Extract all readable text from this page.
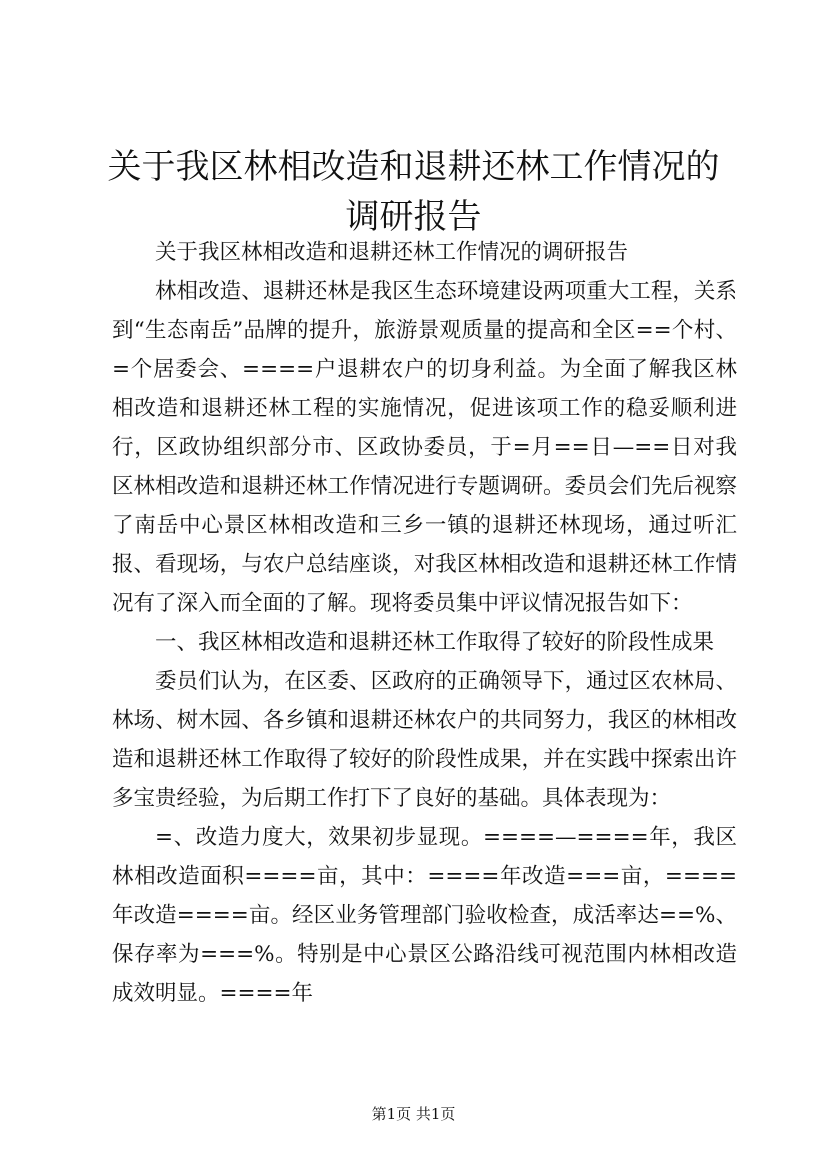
关于我区林相改造和退耕还林工作情况的调研报告

关于我区林相改造和退耕还林工作情况的调研报告

林相改造、退耕还林是我区生态环境建设两项重大工程，关系到“生态南岳”品牌的提升，旅游景观质量的提高和全区==个村、=个居委会、====户退耕农户的切身利益。为全面了解我区林相改造和退耕还林工程的实施情况，促进该项工作的稳妥顺利进行，区政协组织部分市、区政协委员，于=月==日—==日对我区林相改造和退耕还林工作情况进行专题调研。委员会们先后视察了南岳中心景区林相改造和三乡一镇的退耕还林现场，通过听汇报、看现场，与农户总结座谈，对我区林相改造和退耕还林工作情况有了深入而全面的了解。现将委员集中评议情况报告如下：

一、我区林相改造和退耕还林工作取得了较好的阶段性成果

委员们认为，在区委、区政府的正确领导下，通过区农林局、林场、树木园、各乡镇和退耕还林农户的共同努力，我区的林相改造和退耕还林工作取得了较好的阶段性成果，并在实践中探索出许多宝贵经验，为后期工作打下了良好的基础。具体表现为：

=、改造力度大，效果初步显现。====—====年，我区林相改造面积====亩，其中：====年改造===亩，====年改造====亩。经区业务管理部门验收检查，成活率达==%、保存率为===%。特别是中心景区公路沿线可视范围内林相改造成效明显。====年

第1页 共1页
